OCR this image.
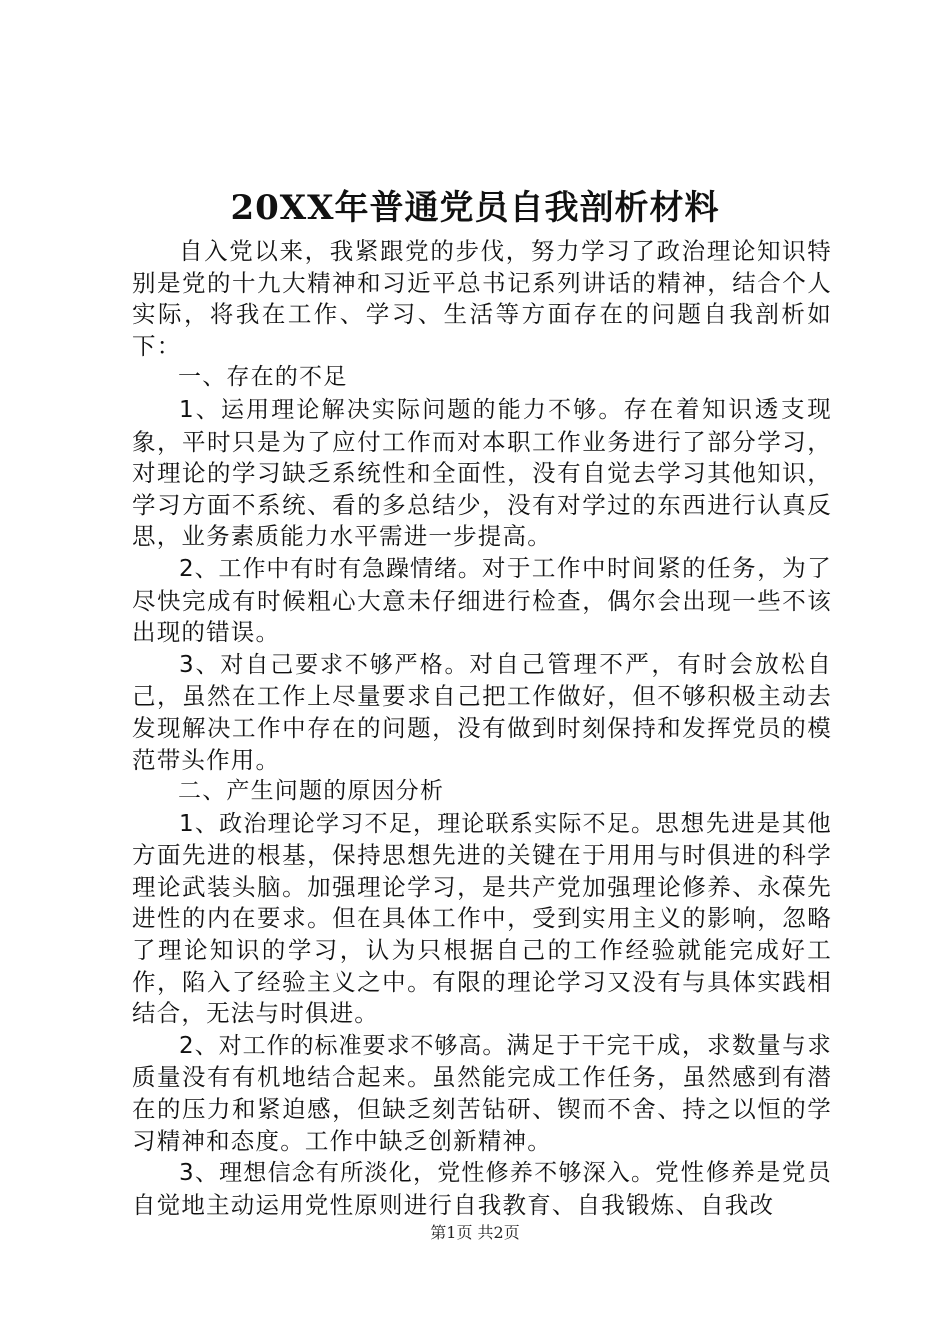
20XX年普通党员自我剖析材料

自入党以来，我紧跟党的步伐，努力学习了政治理论知识特别是党的十九大精神和习近平总书记系列讲话的精神，结合个人实际，将我在工作、学习、生活等方面存在的问题自我剖析如下：

一、存在的不足

1、运用理论解决实际问题的能力不够。存在着知识透支现象，平时只是为了应付工作而对本职工作业务进行了部分学习，对理论的学习缺乏系统性和全面性，没有自觉去学习其他知识，学习方面不系统、看的多总结少，没有对学过的东西进行认真反思，业务素质能力水平需进一步提高。

2、工作中有时有急躁情绪。对于工作中时间紧的任务，为了尽快完成有时候粗心大意未仔细进行检查，偶尔会出现一些不该出现的错误。

3、对自己要求不够严格。对自己管理不严，有时会放松自己，虽然在工作上尽量要求自己把工作做好，但不够积极主动去发现解决工作中存在的问题，没有做到时刻保持和发挥党员的模范带头作用。

二、产生问题的原因分析

1、政治理论学习不足，理论联系实际不足。思想先进是其他方面先进的根基，保持思想先进的关键在于用用与时俱进的科学理论武装头脑。加强理论学习，是共产党加强理论修养、永葆先进性的内在要求。但在具体工作中，受到实用主义的影响，忽略了理论知识的学习，认为只根据自己的工作经验就能完成好工作，陷入了经验主义之中。有限的理论学习又没有与具体实践相结合，无法与时俱进。

2、对工作的标准要求不够高。满足于干完干成，求数量与求质量没有有机地结合起来。虽然能完成工作任务，虽然感到有潜在的压力和紧迫感，但缺乏刻苦钻研、锲而不舍、持之以恒的学习精神和态度。工作中缺乏创新精神。

3、理想信念有所淡化，党性修养不够深入。党性修养是党员自觉地主动运用党性原则进行自我教育、自我锻炼、自我改

第1页 共2页
